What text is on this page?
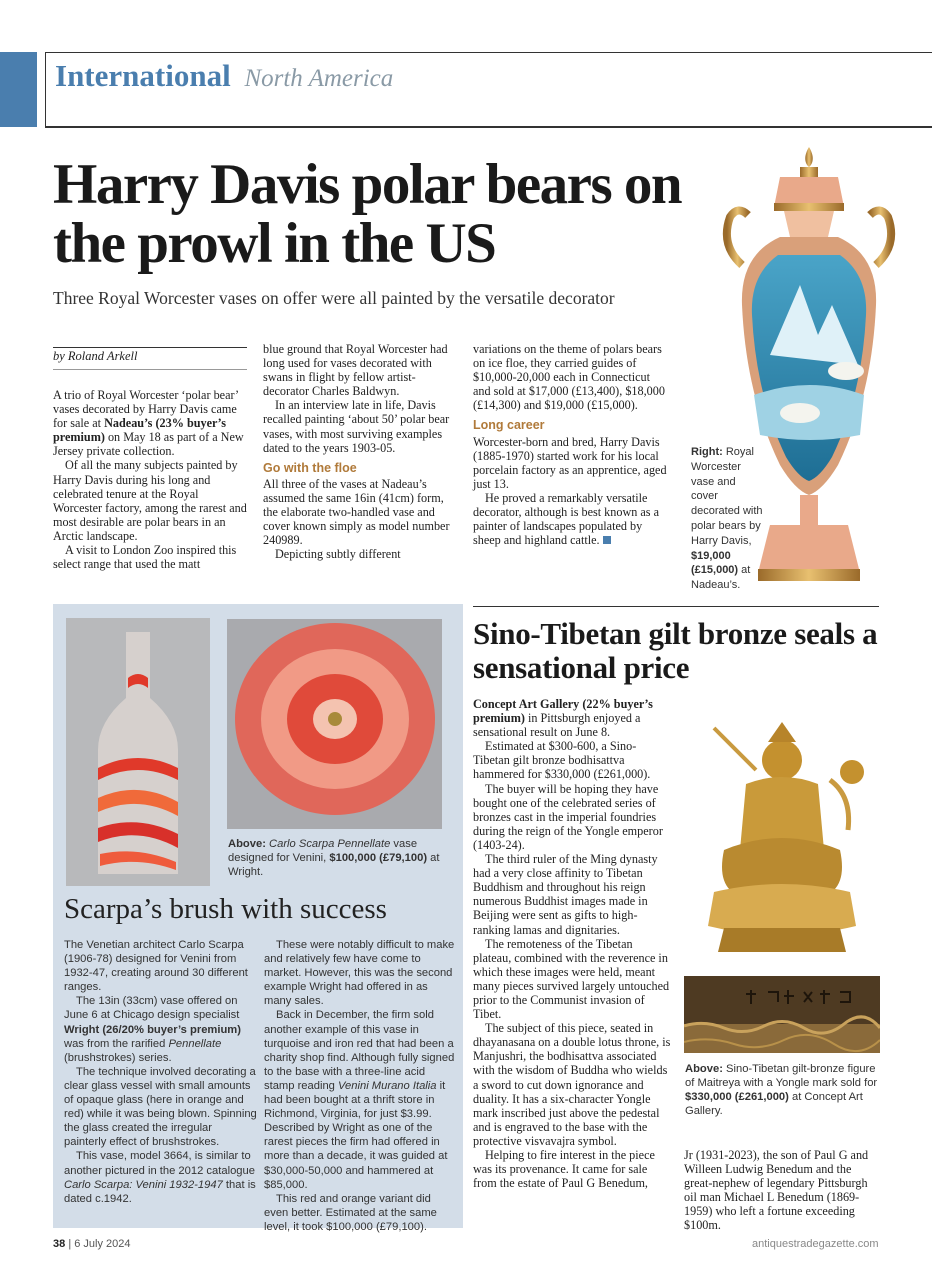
International North America
Harry Davis polar bears on the prowl in the US
Three Royal Worcester vases on offer were all painted by the versatile decorator
by Roland Arkell

A trio of Royal Worcester ‘polar bear’ vases decorated by Harry Davis came for sale at Nadeau’s (23% buyer’s premium) on May 18 as part of a New Jersey private collection.

Of all the many subjects painted by Harry Davis during his long and celebrated tenure at the Royal Worcester factory, among the rarest and most desirable are polar bears in an Arctic landscape.

A visit to London Zoo inspired this select range that used the matt

blue ground that Royal Worcester had long used for vases decorated with swans in flight by fellow artist-decorator Charles Baldwyn.

In an interview late in life, Davis recalled painting ‘about 50’ polar bear vases, with most surviving examples dated to the years 1903-05.

Go with the floe

All three of the vases at Nadeau’s assumed the same 16in (41cm) form, the elaborate two-handled vase and cover known simply as model number 240989.

Depicting subtly different

variations on the theme of polars bears on ice floe, they carried guides of $10,000-20,000 each in Connecticut and sold at $17,000 (£13,400), $18,000 (£14,300) and $19,000 (£15,000).

Long career

Worcester-born and bred, Harry Davis (1885-1970) started work for his local porcelain factory as an apprentice, aged just 13.

He proved a remarkably versatile decorator, although is best known as a painter of landscapes populated by sheep and highland cattle.

Right: Royal Worcester vase and cover decorated with polar bears by Harry Davis, $19,000 (£15,000) at Nadeau’s.
Above: Carlo Scarpa Pennellate vase designed for Venini, $100,000 (£79,100) at Wright.
Scarpa’s brush with success

The Venetian architect Carlo Scarpa (1906-78) designed for Venini from 1932-47, creating around 30 different ranges.

The 13in (33cm) vase offered on June 6 at Chicago design specialist Wright (26/20% buyer’s premium) was from the rarified Pennellate (brushstrokes) series.

The technique involved decorating a clear glass vessel with small amounts of opaque glass (here in orange and red) while it was being blown. Spinning the glass created the irregular painterly effect of brushstrokes.

This vase, model 3664, is similar to another pictured in the 2012 catalogue Carlo Scarpa: Venini 1932-1947 that is dated c.1942.

These were notably difficult to make and relatively few have come to market. However, this was the second example Wright had offered in as many sales.

Back in December, the firm sold another example of this vase in turquoise and iron red that had been a charity shop find. Although fully signed to the base with a three-line acid stamp reading Venini Murano Italia it had been bought at a thrift store in Richmond, Virginia, for just $3.99. Described by Wright as one of the rarest pieces the firm had offered in more than a decade, it was guided at $30,000-50,000 and hammered at $85,000.

This red and orange variant did even better. Estimated at the same level, it took $100,000 (£79,100).

Sino-Tibetan gilt bronze seals a sensational price

Concept Art Gallery (22% buyer’s premium) in Pittsburgh enjoyed a sensational result on June 8.

Estimated at $300-600, a Sino-Tibetan gilt bronze bodhisattva hammered for $330,000 (£261,000).

The buyer will be hoping they have bought one of the celebrated series of bronzes cast in the imperial foundries during the reign of the Yongle emperor (1403-24).

The third ruler of the Ming dynasty had a very close affinity to Tibetan Buddhism and throughout his reign numerous Buddhist images made in Beijing were sent as gifts to high-ranking lamas and dignitaries.

The remoteness of the Tibetan plateau, combined with the reverence in which these images were held, meant many pieces survived largely untouched prior to the Communist invasion of Tibet.

The subject of this piece, seated in dhayanasana on a double lotus throne, is Manjushri, the bodhisattva associated with the wisdom of Buddha who wields a sword to cut down ignorance and duality. It has a six-character Yongle mark inscribed just above the pedestal and is engraved to the base with the protective visvavajra symbol.

Helping to fire interest in the piece was its provenance. It came for sale from the estate of Paul G Benedum,

Above: Sino-Tibetan gilt-bronze figure of Maitreya with a Yongle mark sold for $330,000 (£261,000) at Concept Art Gallery.

Jr (1931-2023), the son of Paul G and Willeen Ludwig Benedum and the great-nephew of legendary Pittsburgh oil man Michael L Benedum (1869-1959) who left a fortune exceeding $100m.

38 | 6 July 2024	antiquestradegazette.com
